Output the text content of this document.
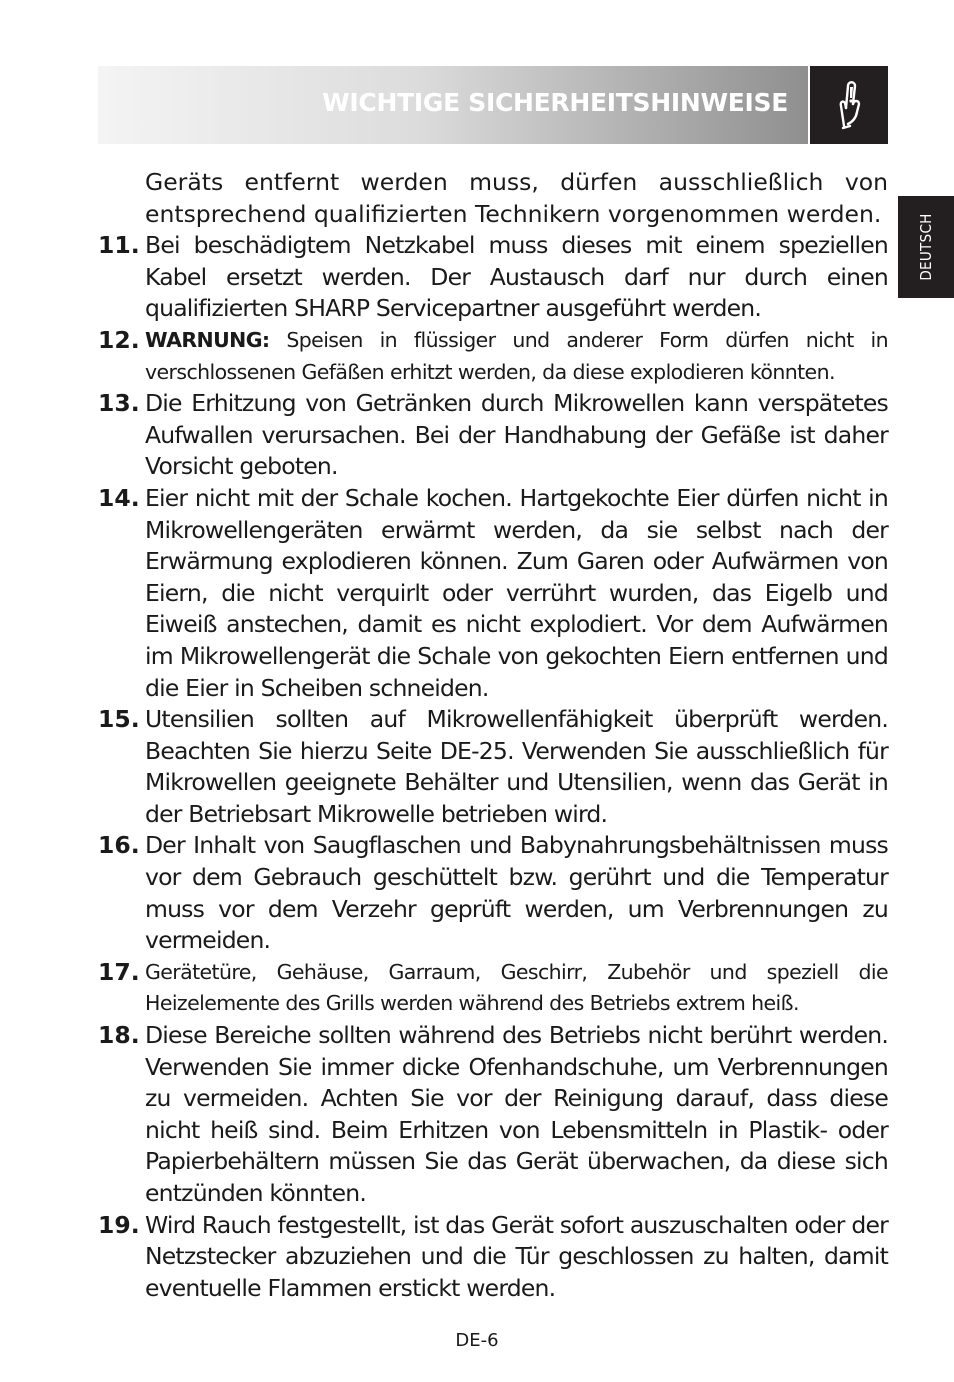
WICHTIGE SICHERHEITSHINWEISE
DEUTSCH
Geräts entfernt werden muss, dürfen ausschließlich von entsprechend qualifizierten Technikern vorgenommen werden.
11. Bei beschädigtem Netzkabel muss dieses mit einem speziellen Kabel ersetzt werden. Der Austausch darf nur durch einen qualifizierten SHARP Servicepartner ausgeführt werden.
12. WARNUNG: Speisen in flüssiger und anderer Form dürfen nicht in verschlossenen Gefäßen erhitzt werden, da diese explodieren könnten.
13. Die Erhitzung von Getränken durch Mikrowellen kann verspätetes Aufwallen verursachen. Bei der Handhabung der Gefäße ist daher Vorsicht geboten.
14. Eier nicht mit der Schale kochen. Hartgekochte Eier dürfen nicht in Mikrowellengeräten erwärmt werden, da sie selbst nach der Erwärmung explodieren können. Zum Garen oder Aufwärmen von Eiern, die nicht verquirlt oder verrührt wurden, das Eigelb und Eiweiß anstechen, damit es nicht explodiert. Vor dem Aufwärmen im Mikrowellengerät die Schale von gekochten Eiern entfernen und die Eier in Scheiben schneiden.
15. Utensilien sollten auf Mikrowellenfähigkeit überprüft werden. Beachten Sie hierzu Seite DE-25. Verwenden Sie ausschließlich für Mikrowellen geeignete Behälter und Utensilien, wenn das Gerät in der Betriebsart Mikrowelle betrieben wird.
16. Der Inhalt von Saugflaschen und Babynahrungsbehältnissen muss vor dem Gebrauch geschüttelt bzw. gerührt und die Temperatur muss vor dem Verzehr geprüft werden, um Verbrennungen zu vermeiden.
17. Gerätetüre, Gehäuse, Garraum, Geschirr, Zubehör und speziell die Heizelemente des Grills werden während des Betriebs extrem heiß.
18. Diese Bereiche sollten während des Betriebs nicht berührt werden. Verwenden Sie immer dicke Ofenhandschuhe, um Verbrennungen zu vermeiden. Achten Sie vor der Reinigung darauf, dass diese nicht heiß sind. Beim Erhitzen von Lebensmitteln in Plastik- oder Papierbehältern müssen Sie das Gerät überwachen, da diese sich entzünden könnten.
19. Wird Rauch festgestellt, ist das Gerät sofort auszuschalten oder der Netzstecker abzuziehen und die Tür geschlossen zu halten, damit eventuelle Flammen erstickt werden.
DE-6
